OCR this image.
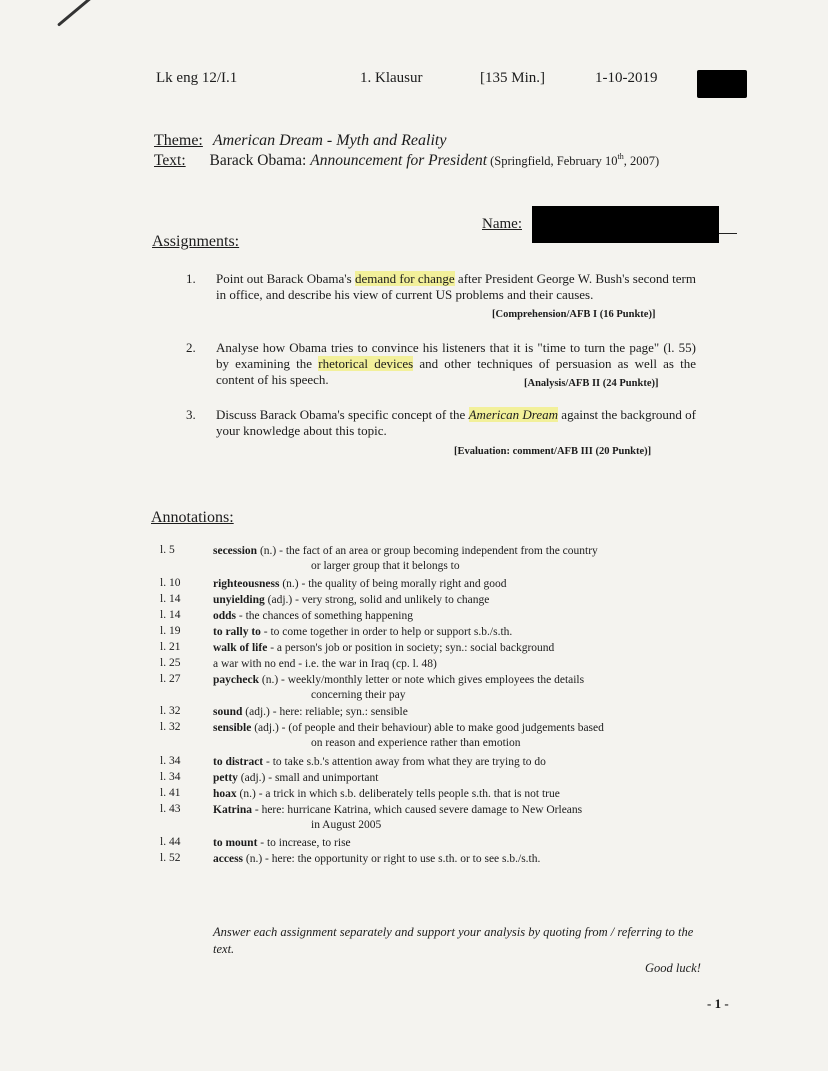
Lk eng 12/I.1	1. Klausur	[135 Min.]	1-10-2019
Theme: American Dream - Myth and Reality
Text: Barack Obama: Announcement for President (Springfield, February 10th, 2007)
Name:
Assignments:
1. Point out Barack Obama's demand for change after President George W. Bush's second term in office, and describe his view of current US problems and their causes.
[Comprehension/AFB I (16 Punkte)]
2. Analyse how Obama tries to convince his listeners that it is "time to turn the page" (l. 55) by examining the rhetorical devices and other techniques of persuasion as well as the content of his speech.	[Analysis/AFB II (24 Punkte)]
3. Discuss Barack Obama's specific concept of the American Dream against the background of your knowledge about this topic.
[Evaluation: comment/AFB III (20 Punkte)]
Annotations:
l. 5	secession (n.) - the fact of an area or group becoming independent from the country
or larger group that it belongs to
l. 10	righteousness (n.) - the quality of being morally right and good
l. 14	unyielding (adj.) - very strong, solid and unlikely to change
l. 14	odds - the chances of something happening
l. 19	to rally to - to come together in order to help or support s.b./s.th.
l. 21	walk of life - a person's job or position in society; syn.: social background
l. 25	a war with no end - i.e. the war in Iraq (cp. l. 48)
l. 27	paycheck (n.) - weekly/monthly letter or note which gives employees the details
concerning their pay
l. 32	sound (adj.) - here: reliable; syn.: sensible
l. 32	sensible (adj.) - (of people and their behaviour) able to make good judgements based
on reason and experience rather than emotion
l. 34	to distract - to take s.b.'s attention away from what they are trying to do
l. 34	petty (adj.) - small and unimportant
l. 41	hoax (n.) - a trick in which s.b. deliberately tells people s.th. that is not true
l. 43	Katrina - here: hurricane Katrina, which caused severe damage to New Orleans
in August 2005
l. 44	to mount - to increase, to rise
l. 52	access (n.) - here: the opportunity or right to use s.th. or to see s.b./s.th.
Answer each assignment separately and support your analysis by quoting from / referring to the text.
Good luck!
- 1 -
